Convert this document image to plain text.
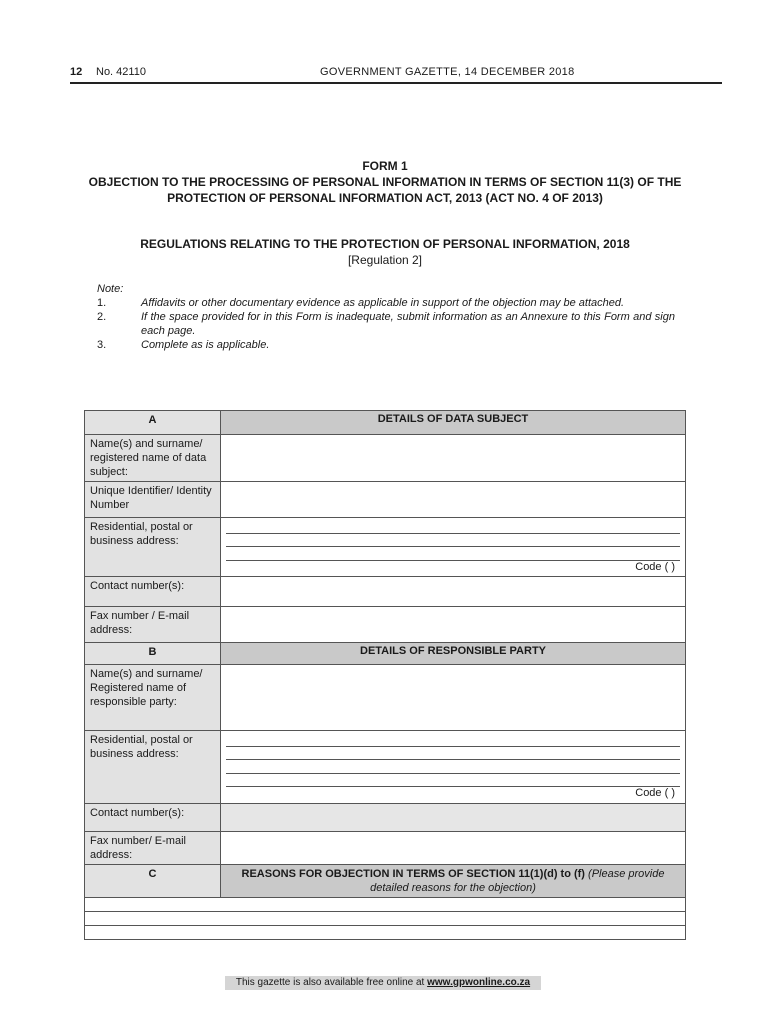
12 No. 42110	GOVERNMENT GAZETTE, 14 DECEMBER 2018
FORM 1
OBJECTION TO THE PROCESSING OF PERSONAL INFORMATION IN TERMS OF SECTION 11(3) OF THE PROTECTION OF PERSONAL INFORMATION ACT, 2013 (ACT NO. 4 OF 2013)
REGULATIONS RELATING TO THE PROTECTION OF PERSONAL INFORMATION, 2018
[Regulation 2]
Note:
1.	Affidavits or other documentary evidence as applicable in support of the objection may be attached.
2.	If the space provided for in this Form is inadequate, submit information as an Annexure to this Form and sign each page.
3.	Complete as is applicable.
A	DETAILS OF DATA SUBJECT
Name(s) and surname/ registered name of data subject:	
Unique Identifier/ Identity Number	
Residential, postal or business address:	Code ( )

Contact number(s):	
Fax number / E-mail address:	
B	DETAILS OF RESPONSIBLE PARTY
Name(s) and surname/ Registered name of responsible party:	
Residential, postal or business address:	Code ( )

Contact number(s):	
Fax number/ E-mail address:	
C	REASONS FOR OBJECTION IN TERMS OF SECTION 11(1)(d) to (f) (Please provide detailed reasons for the objection)

This gazette is also available free online at www.gpwonline.co.za
